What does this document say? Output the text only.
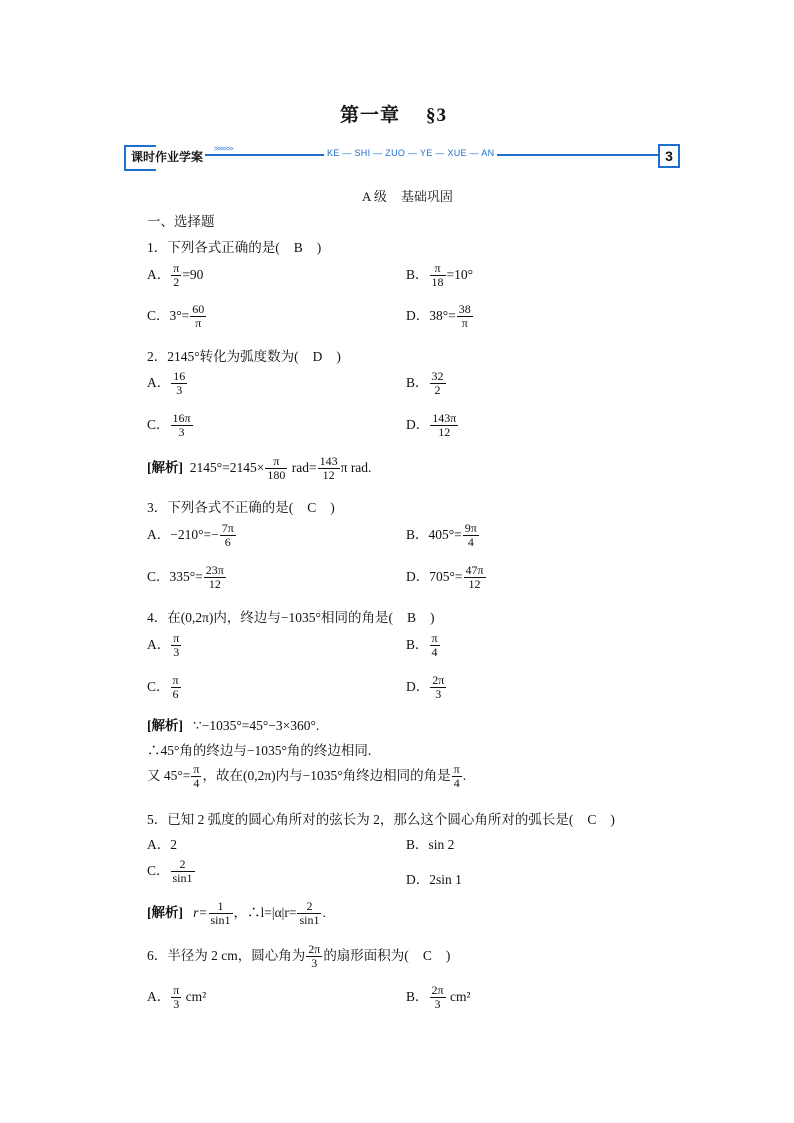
第一章 §3
课时作业学案
>>>>>>	KE — SHI — ZUO — YE — XUE — AN	3
A 级 基础巩固
一、选择题
1．下列各式正确的是( B )
A． $\frac{\pi}{2} =90$	B． $\frac{\pi}{18} =10^\circ$
C．$3^\circ= \frac{60}{\pi}$	D．$38^\circ= \frac{38}{\pi}$
2．2145°转化为弧度数为( D )
A． $\frac{16}{3}$	B． $\frac{32}{2}$
C． $\frac{16\pi}{3}$	D． $\frac{143\pi}{12}$
[解析] $2145^\circ=2145\times \frac{\pi}{180} rad= \frac{143}{12}$ π rad.
3．下列各式不正确的是( C )
A．$-210^\circ=- \frac{7\pi}{6}$	B．$405^\circ= \frac{9\pi}{4}$
C．$335^\circ= \frac{23\pi}{12}$	D．$705^\circ= \frac{47\pi}{12}$
4．在(0,2π)内，终边与−1035°相同的角是( B )
A． $\frac{\pi}{3}$	B． $\frac{\pi}{4}$
C． $\frac{\pi}{6}$	D． $\frac{2\pi}{3}$
[解析] ∵−1035°=45°−3×360°.
∴45°角的终边与−1035°角的终边相同.
又 $45^\circ= \frac{\pi}{4}$ ，故在(0,2π)内与−1035°角终边相同的角是 $\frac{\pi}{4}$ .
5．已知 2 弧度的圆心角所对的弦长为 2，那么这个圆心角所对的弧长是( C )
A．2	B．sin 2
C． $\frac{2}{\sin 1}$	D．2sin 1
[解析] $r= \frac{1}{\sin 1}$ ，∴l=|α|r= $\frac{2}{\sin 1}$ .
6．半径为 2 cm，圆心角为 $\frac{2\pi}{3}$ 的扇形面积为( C )
A． $\frac{\pi}{3} cm^2$	B． $\frac{2\pi}{3} cm^2$
